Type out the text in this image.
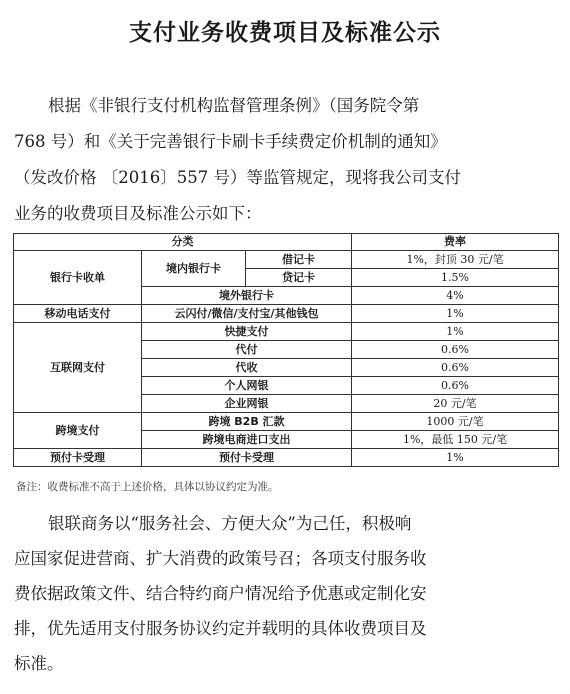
支付业务收费项目及标准公示
根据《非银行支付机构监督管理条例》（国务院令第
768 号）和《关于完善银行卡刷卡手续费定价机制的通知》
（发改价格 〔2016〕557 号）等监管规定，现将我公司支付
业务的收费项目及标准公示如下：
分类			费率
银行卡收单	境内银行卡	借记卡	1%，封顶 30 元/笔
		贷记卡	1.5%
	境外银行卡		4%
移动电话支付	云闪付/微信/支付宝/其他钱包		1%
互联网支付	快捷支付		1%
	代付		0.6%
	代收		0.6%
	个人网银		0.6%
	企业网银		20 元/笔
跨境支付	跨境 B2B 汇款		1000 元/笔
	跨境电商进口支出		1%，最低 150 元/笔
预付卡受理	预付卡受理		1%
备注：收费标准不高于上述价格，具体以协议约定为准。
银联商务以“服务社会、方便大众”为己任，积极响
应国家促进营商、扩大消费的政策号召；各项支付服务收
费依据政策文件、结合特约商户情况给予优惠或定制化安
排，优先适用支付服务协议约定并载明的具体收费项目及
标准。
